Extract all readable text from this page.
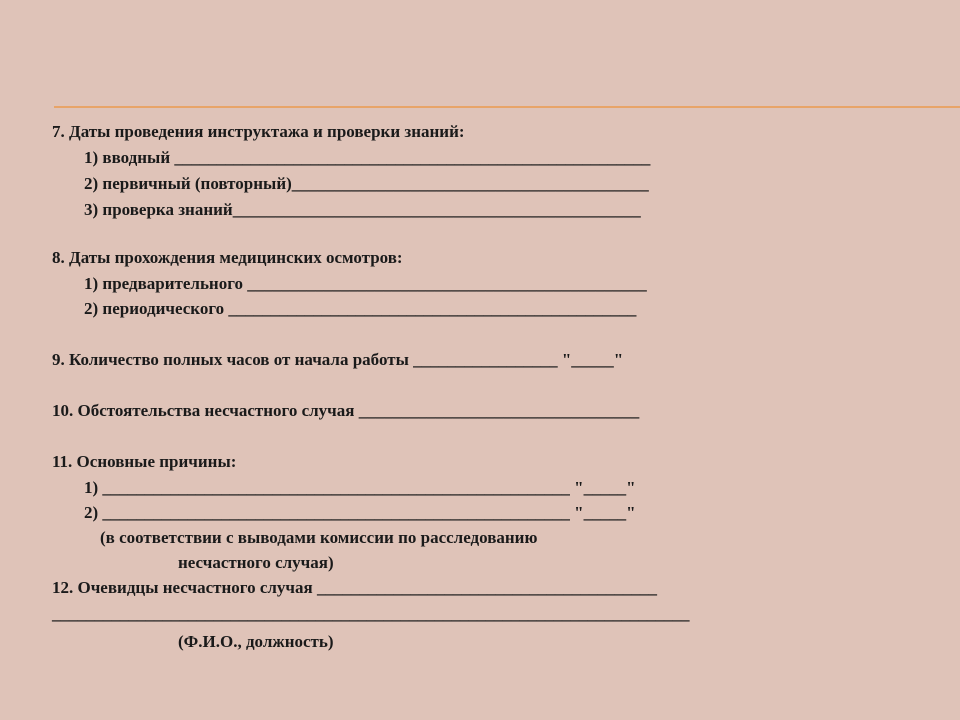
7. Даты проведения инструктажа и проверки знаний:
1) вводный ________________________________________________________
2) первичный (повторный)__________________________________________
3) проверка знаний________________________________________________
8. Даты прохождения медицинских осмотров:
1) предварительного _______________________________________________
2) периодического ________________________________________________
9. Количество полных часов от начала работы _________________ "_____"
10. Обстоятельства несчастного случая _________________________________
11. Основные причины:
1) _______________________________________________________ "_____"
2) _______________________________________________________ "_____"
(в соответствии с выводами комиссии по расследованию
несчастного случая)
12. Очевидцы несчастного случая ________________________________________
___________________________________________________________________________
(Ф.И.О., должность)
